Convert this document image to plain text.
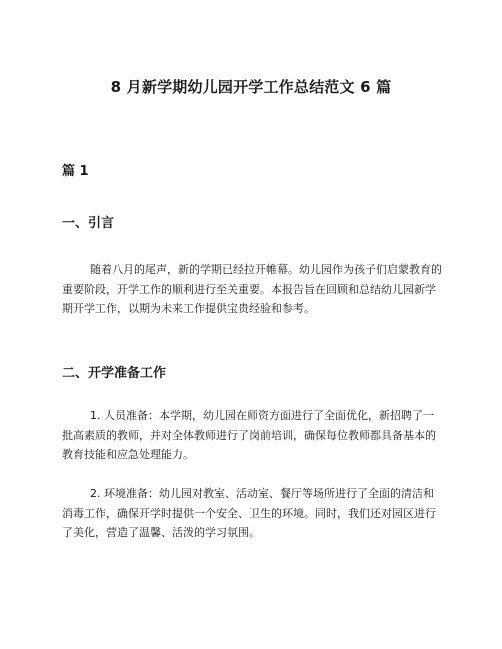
8 月新学期幼儿园开学工作总结范文 6 篇
篇 1
一、引言

随着八月的尾声，新的学期已经拉开帷幕。幼儿园作为孩子们启蒙教育的重要阶段，开学工作的顺利进行至关重要。本报告旨在回顾和总结幼儿园新学期开学工作，以期为未来工作提供宝贵经验和参考。

二、开学准备工作

1. 人员准备：本学期，幼儿园在师资方面进行了全面优化，新招聘了一批高素质的教师，并对全体教师进行了岗前培训，确保每位教师都具备基本的教育技能和应急处理能力。

2. 环境准备：幼儿园对教室、活动室、餐厅等场所进行了全面的清洁和消毒工作，确保开学时提供一个安全、卫生的环境。同时，我们还对园区进行了美化，营造了温馨、活泼的学习氛围。
